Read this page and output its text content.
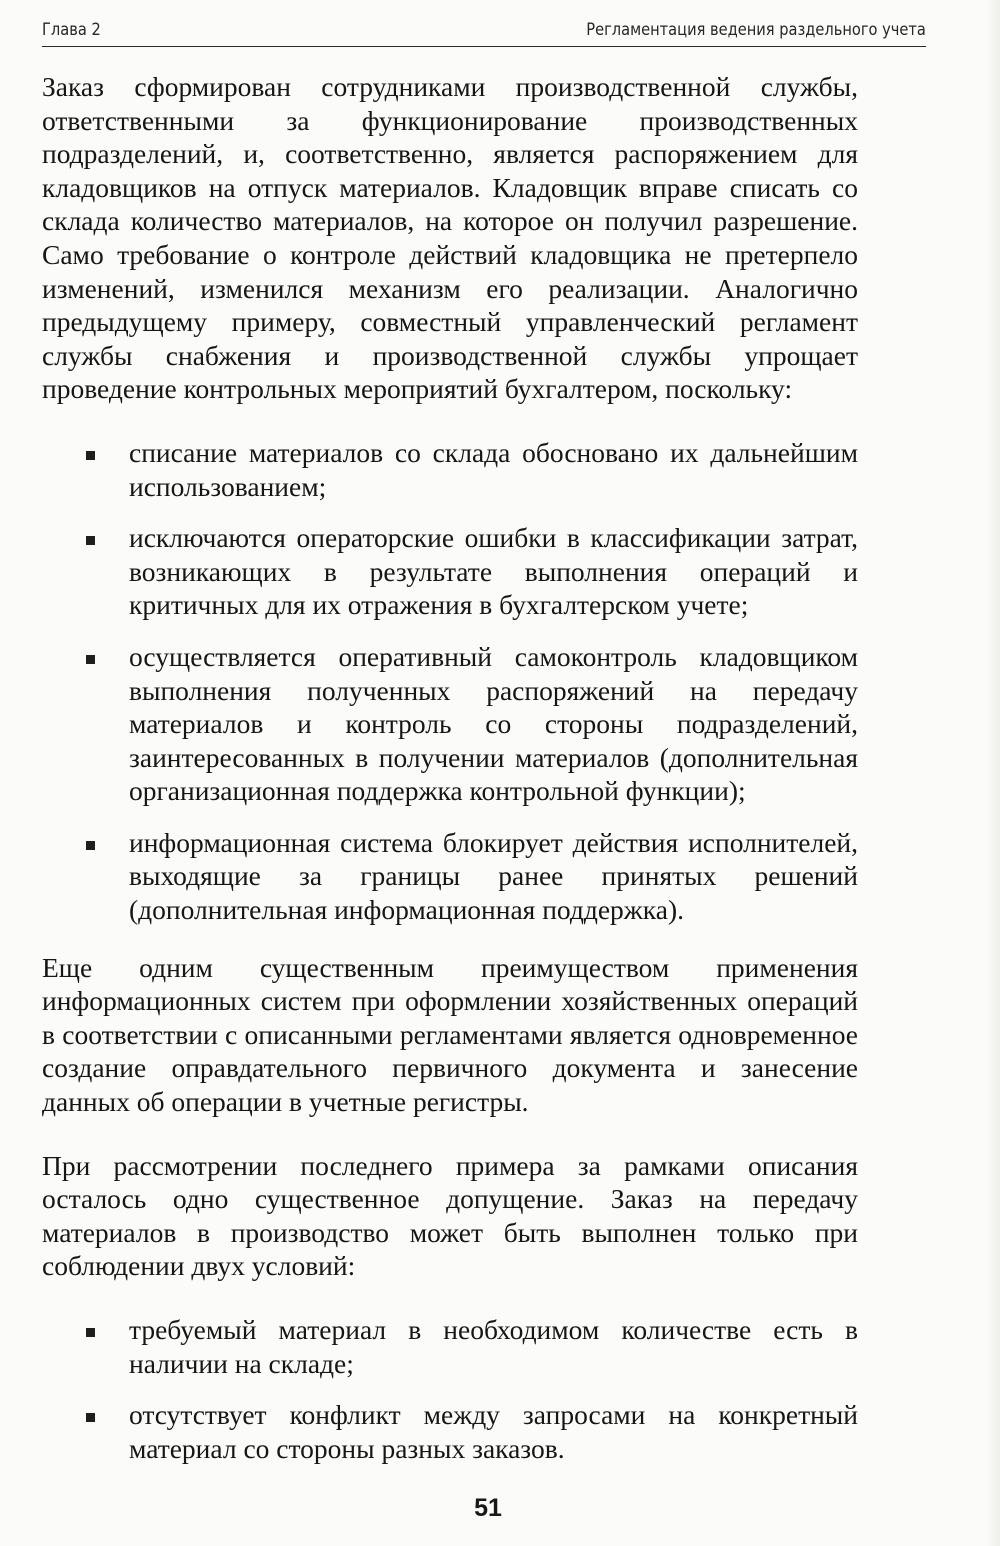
Глава 2	Регламентация ведения раздельного учета

Заказ сформирован сотрудниками производственной службы, ответственными за функционирование производственных подразделений, и, соответственно, является распоряжением для кладовщиков на отпуск материалов. Кладовщик вправе списать со склада количество материалов, на которое он получил разрешение. Само требование о контроле действий кладовщика не претерпело изменений, изменился механизм его реализации. Аналогично предыдущему примеру, совместный управленческий регламент службы снабжения и производственной службы упрощает проведение контрольных мероприятий бухгалтером, поскольку:

списание материалов со склада обосновано их дальнейшим использованием;
исключаются операторские ошибки в классификации затрат, возникающих в результате выполнения операций и критичных для их отражения в бухгалтерском учете;
осуществляется оперативный самоконтроль кладовщиком выполнения полученных распоряжений на передачу материалов и контроль со стороны подразделений, заинтересованных в получении материалов (дополнительная организационная поддержка контрольной функции);
информационная система блокирует действия исполнителей, выходящие за границы ранее принятых решений (дополнительная информационная поддержка).

Еще одним существенным преимуществом применения информационных систем при оформлении хозяйственных операций в соответствии с описанными регламентами является одновременное создание оправдательного первичного документа и занесение данных об операции в учетные регистры.

При рассмотрении последнего примера за рамками описания осталось одно существенное допущение. Заказ на передачу материалов в производство может быть выполнен только при соблюдении двух условий:

требуемый материал в необходимом количестве есть в наличии на складе;
отсутствует конфликт между запросами на конкретный материал со стороны разных заказов.
51
